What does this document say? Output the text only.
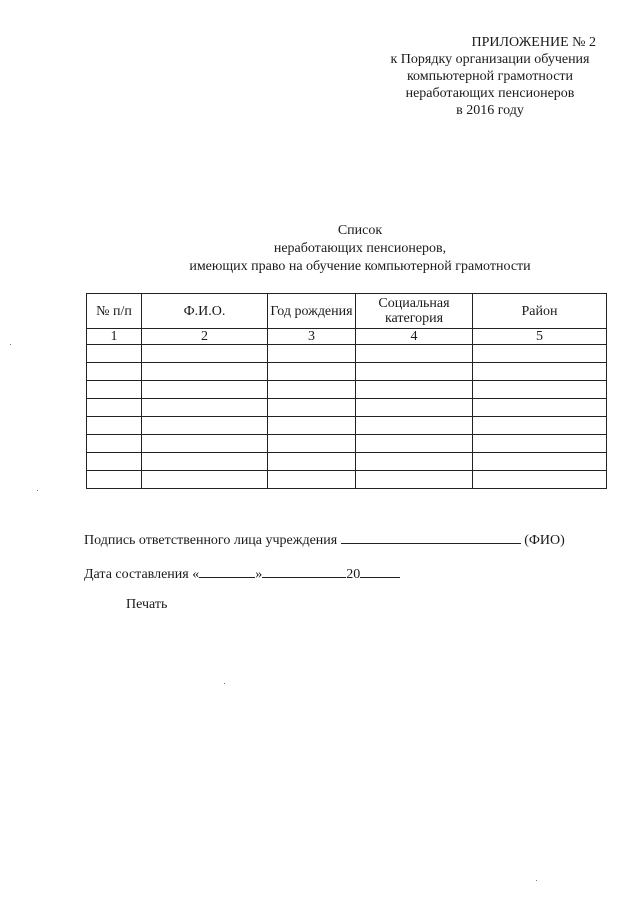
ПРИЛОЖЕНИЕ № 2
к Порядку организации обучения
компьютерной грамотности
неработающих пенсионеров
в 2016 году
Список
неработающих пенсионеров,
имеющих право на обучение компьютерной грамотности
№ п/п	Ф.И.О.	Год рождения	Социальная категория	Район
1	2	3	4	5

Подпись ответственного лица учреждения	(ФИО)
Дата составления «	»	20
Печать
